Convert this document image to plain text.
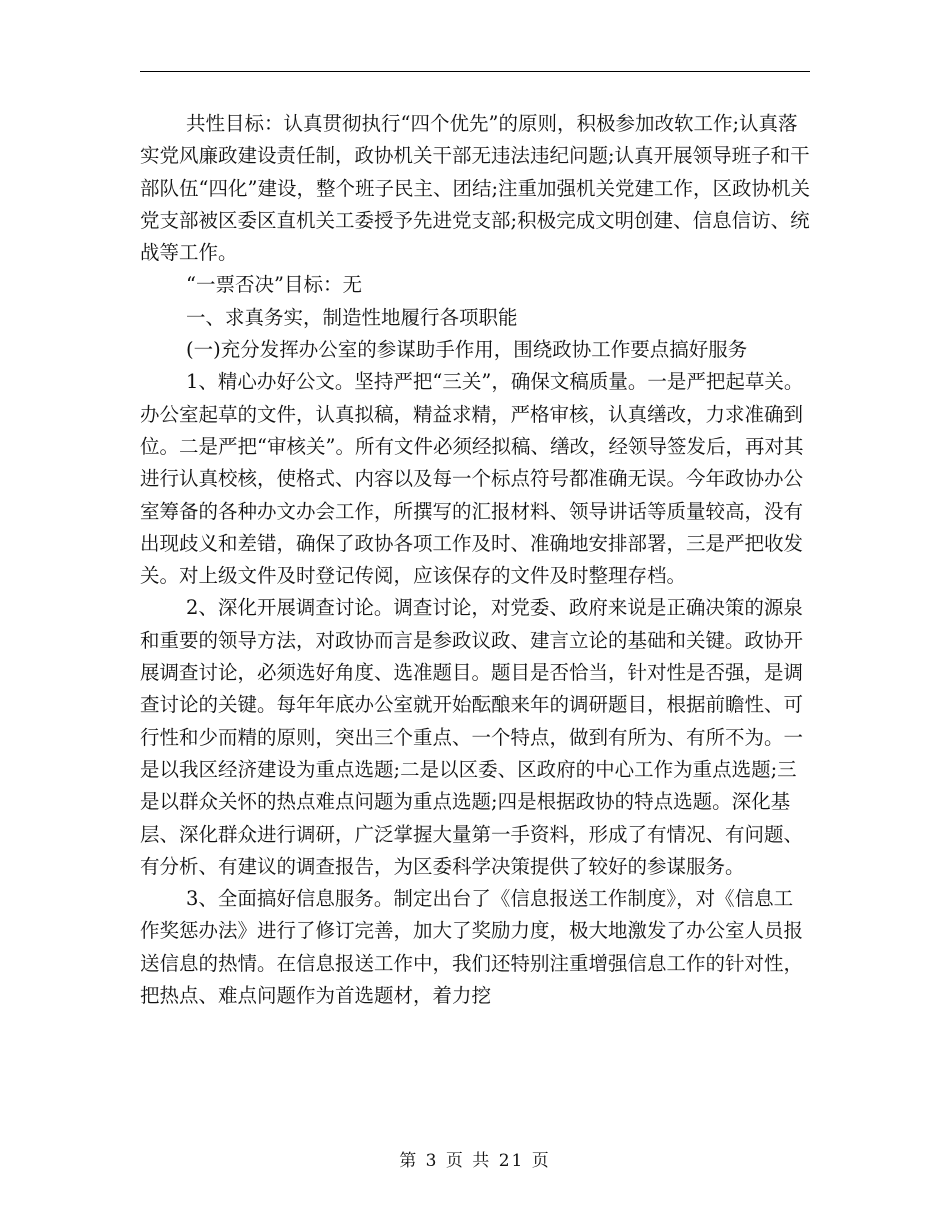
共性目标：认真贯彻执行“四个优先”的原则，积极参加改软工作;认真落实党风廉政建设责任制，政协机关干部无违法违纪问题;认真开展领导班子和干部队伍“四化”建设，整个班子民主、团结;注重加强机关党建工作，区政协机关党支部被区委区直机关工委授予先进党支部;积极完成文明创建、信息信访、统战等工作。

“一票否决”目标：无

一、求真务实，制造性地履行各项职能

(一)充分发挥办公室的参谋助手作用，围绕政协工作要点搞好服务

1、精心办好公文。坚持严把“三关”，确保文稿质量。一是严把起草关。办公室起草的文件，认真拟稿，精益求精，严格审核，认真缮改，力求准确到位。二是严把“审核关”。所有文件必须经拟稿、缮改，经领导签发后，再对其进行认真校核，使格式、内容以及每一个标点符号都准确无误。今年政协办公室筹备的各种办文办会工作，所撰写的汇报材料、领导讲话等质量较高，没有出现歧义和差错，确保了政协各项工作及时、准确地安排部署，三是严把收发关。对上级文件及时登记传阅，应该保存的文件及时整理存档。

2、深化开展调查讨论。调查讨论，对党委、政府来说是正确决策的源泉和重要的领导方法，对政协而言是参政议政、建言立论的基础和关键。政协开展调查讨论，必须选好角度、选准题目。题目是否恰当，针对性是否强，是调查讨论的关键。每年年底办公室就开始酝酿来年的调研题目，根据前瞻性、可行性和少而精的原则，突出三个重点、一个特点，做到有所为、有所不为。一是以我区经济建设为重点选题;二是以区委、区政府的中心工作为重点选题;三是以群众关怀的热点难点问题为重点选题;四是根据政协的特点选题。深化基层、深化群众进行调研，广泛掌握大量第一手资料，形成了有情况、有问题、有分析、有建议的调查报告，为区委科学决策提供了较好的参谋服务。

3、全面搞好信息服务。制定出台了《信息报送工作制度》，对《信息工作奖惩办法》进行了修订完善，加大了奖励力度，极大地激发了办公室人员报送信息的热情。在信息报送工作中，我们还特别注重增强信息工作的针对性，把热点、难点问题作为首选题材，着力挖

第 3 页 共 21 页
